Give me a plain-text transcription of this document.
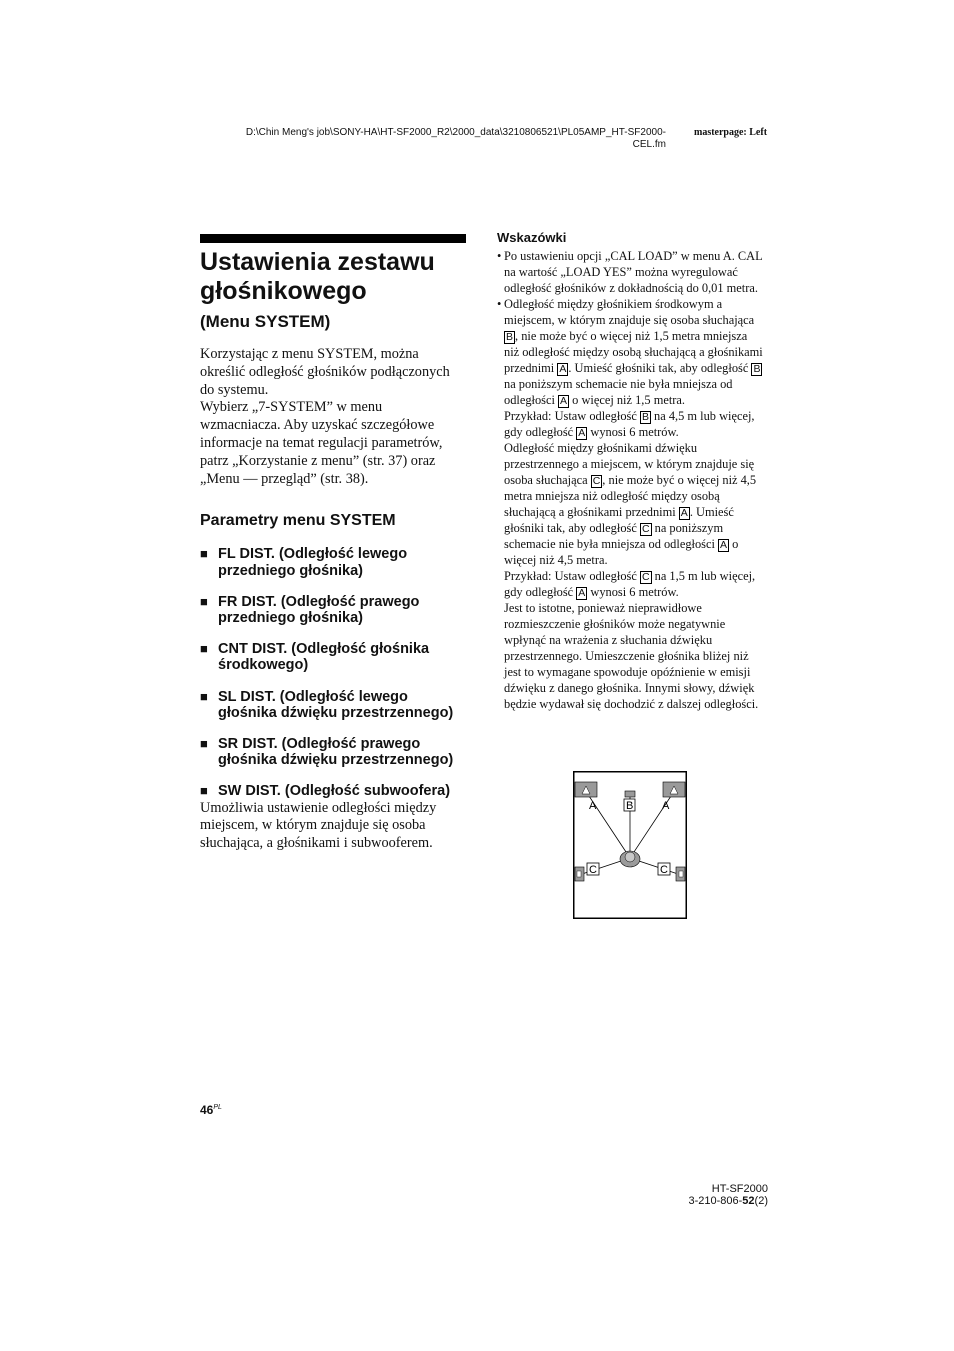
D:\Chin Meng's job\SONY-HA\HT-SF2000_R2\2000_data\3210806521\PL05AMP_HT-SF2000-
CEL.fm
masterpage: Left
Ustawienia zestawu
głośnikowego
(Menu SYSTEM)

Korzystając z menu SYSTEM, można określić odległość głośników podłączonych do systemu.

Wybierz „7-SYSTEM” w menu wzmacniacza. Aby uzyskać szczegółowe informacje na temat regulacji parametrów, patrz „Korzystanie z menu” (str. 37) oraz „Menu — przegląd” (str. 38).

Parametry menu SYSTEM
■ FL DIST. (Odległość lewego przedniego głośnika)
■ FR DIST. (Odległość prawego przedniego głośnika)
■ CNT DIST. (Odległość głośnika środkowego)
■ SL DIST. (Odległość lewego głośnika dźwięku przestrzennego)
■ SR DIST. (Odległość prawego głośnika dźwięku przestrzennego)
■ SW DIST. (Odległość subwoofera)

Umożliwia ustawienie odległości między miejscem, w którym znajduje się osoba słuchająca, a głośnikami i subwooferem.

Wskazówki
• Po ustawieniu opcji „CAL LOAD” w menu A. CAL na wartość „LOAD YES” można wyregulować odległość głośników z dokładnością do 0,01 metra.
• Odległość między głośnikiem środkowym a miejscem, w którym znajduje się osoba słuchająca B , nie może być o więcej niż 1,5 metra mniejsza niż odległość między osobą słuchającą a głośnikami przednimi A . Umieść głośniki tak, aby odległość B na poniższym schemacie nie była mniejsza od odległości A o więcej niż 1,5 metra.

Przykład: Ustaw odległość B na 4,5 m lub więcej, gdy odległość A wynosi 6 metrów.

Odległość między głośnikami dźwięku przestrzennego a miejscem, w którym znajduje się osoba słuchająca C , nie może być o więcej niż 4,5 metra mniejsza niż odległość między osobą słuchającą a głośnikami przednimi A . Umieść głośniki tak, aby odległość C na poniższym schemacie nie była mniejsza od odległości A o więcej niż 4,5 metra.

Przykład: Ustaw odległość C na 1,5 m lub więcej, gdy odległość A wynosi 6 metrów.

Jest to istotne, ponieważ nieprawidłowe rozmieszczenie głośników może negatywnie wpłynąć na wrażenia z słuchania dźwięku przestrzennego. Umieszczenie głośnika bliżej niż jest to wymagane spowoduje opóźnienie w emisji dźwięku z danego głośnika. Innymi słowy, dźwięk będzie wydawał się dochodzić z dalszej odległości.

A	B	A
C	C
$46^{PL}$
HT-SF2000
3-210-806-52(2)
